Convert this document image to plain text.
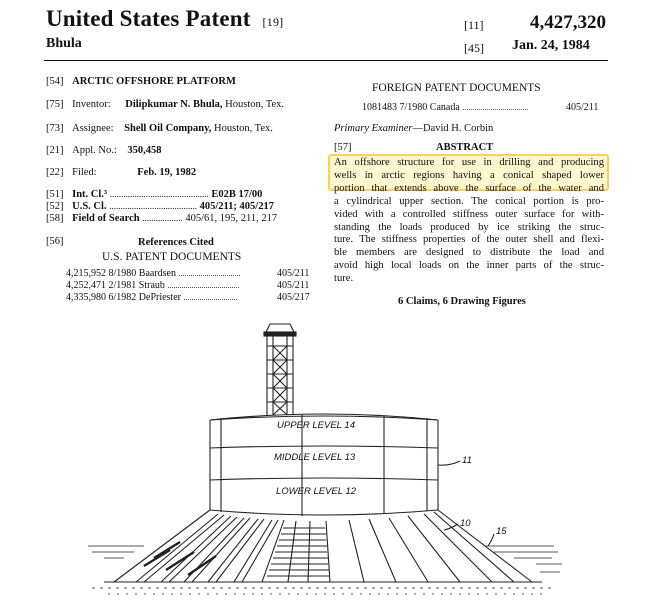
United States Patent [19]
Bhula
[11] 4,427,320
[45] Jan. 24, 1984
[54] ARCTIC OFFSHORE PLATFORM
[75] Inventor: Dilipkumar N. Bhula, Houston, Tex.
[73] Assignee: Shell Oil Company, Houston, Tex.
[21] Appl. No.: 350,458
[22] Filed:	Feb. 19, 1982
[51] Int. Cl.³ ............................................ E02B 17/00
[52] U.S. Cl. ....................................... 405/211; 405/217
[58] Field of Search .................. 405/61, 195, 211, 217
[56]	References Cited
U.S. PATENT DOCUMENTS
4,215,952 8/1980 Baardsen ...............................	405/211
4,252,471 2/1981 Straub ....................................	405/211
4,335,980 6/1982 DePriester ...........................	405/217
FOREIGN PATENT DOCUMENTS
1081483 7/1980 Canada .................................	405/211
Primary Examiner—David H. Corbin
[57]	ABSTRACT
An offshore structure for use in drilling and producing
wells in arctic regions having a conical shaped lower
portion that extends above the surface of the water and
a cylindrical upper section. The conical portion is pro-
vided with a controlled stiffness outer surface for with-
standing the loads produced by ice striking the struc-
ture. The stiffness properties of the outer shell and flexi-
ble members are designed to distribute the load and
avoid high local loads on the inner parts of the struc-
ture.
6 Claims, 6 Drawing Figures
UPPER LEVEL 14
MIDDLE LEVEL 13
LOWER LEVEL 12
11
10
15
